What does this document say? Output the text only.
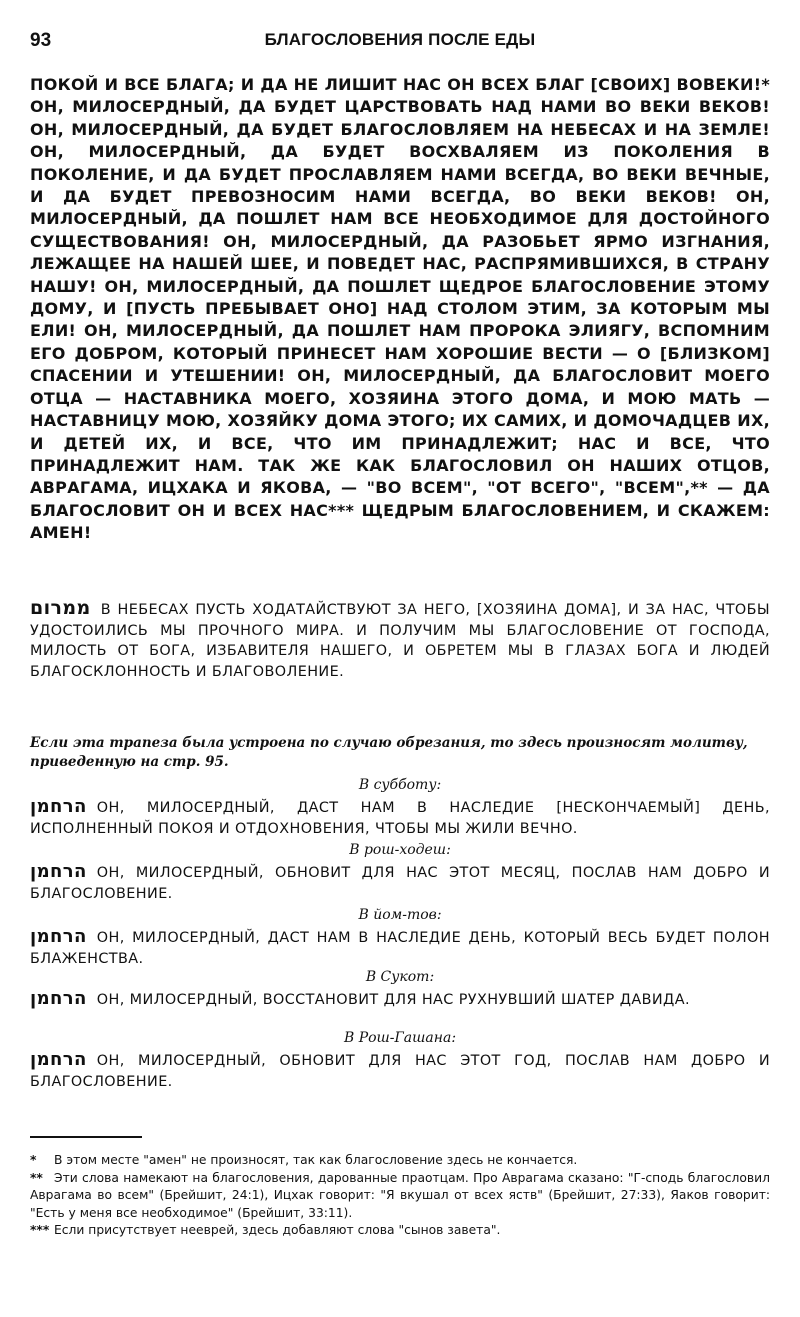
93	БЛАГОСЛОВЕНИЯ ПОСЛЕ ЕДЫ

ПОКОЙ И ВСЕ БЛАГА; И ДА НЕ ЛИШИТ НАС ОН ВСЕХ БЛАГ [СВОИХ] ВОВЕКИ!* ОН, МИЛОСЕРДНЫЙ, ДА БУДЕТ ЦАРСТВОВАТЬ НАД НАМИ ВО ВЕКИ ВЕКОВ! ОН, МИЛОСЕРДНЫЙ, ДА БУДЕТ БЛАГОСЛОВЛЯЕМ НА НЕБЕСАХ И НА ЗЕМЛЕ! ОН, МИЛОСЕРДНЫЙ, ДА БУДЕТ ВОСХВАЛЯЕМ ИЗ ПОКОЛЕНИЯ В ПОКОЛЕНИЕ, И ДА БУДЕТ ПРОСЛАВЛЯЕМ НАМИ ВСЕГДА, ВО ВЕКИ ВЕЧНЫЕ, И ДА БУДЕТ ПРЕВОЗНОСИМ НАМИ ВСЕГДА, ВО ВЕКИ ВЕКОВ! ОН, МИЛОСЕРДНЫЙ, ДА ПОШЛЕТ НАМ ВСЕ НЕОБХОДИМОЕ ДЛЯ ДОСТОЙНОГО СУЩЕСТВОВАНИЯ! ОН, МИЛОСЕРДНЫЙ, ДА РАЗОБЬЕТ ЯРМО ИЗГНАНИЯ, ЛЕЖАЩЕЕ НА НАШЕЙ ШЕЕ, И ПОВЕДЕТ НАС, РАСПРЯМИВШИХСЯ, В СТРАНУ НАШУ! ОН, МИЛОСЕРДНЫЙ, ДА ПОШЛЕТ ЩЕДРОЕ БЛАГОСЛОВЕНИЕ ЭТОМУ ДОМУ, И [ПУСТЬ ПРЕБЫВАЕТ ОНО] НАД СТОЛОМ ЭТИМ, ЗА КОТОРЫМ МЫ ЕЛИ! ОН, МИЛОСЕРДНЫЙ, ДА ПОШЛЕТ НАМ ПРОРОКА ЭЛИЯГУ, ВСПОМНИМ ЕГО ДОБРОМ, КОТОРЫЙ ПРИНЕСЕТ НАМ ХОРОШИЕ ВЕСТИ — О [БЛИЗКОМ] СПАСЕНИИ И УТЕШЕНИИ! ОН, МИЛОСЕРДНЫЙ, ДА БЛАГОСЛОВИТ МОЕГО ОТЦА — НАСТАВНИКА МОЕГО, ХОЗЯИНА ЭТОГО ДОМА, И МОЮ МАТЬ — НАСТАВНИЦУ МОЮ, ХОЗЯЙКУ ДОМА ЭТОГО; ИХ САМИХ, И ДОМОЧАДЦЕВ ИХ, И ДЕТЕЙ ИХ, И ВСЕ, ЧТО ИМ ПРИНАДЛЕЖИТ; НАС И ВСЕ, ЧТО ПРИНАДЛЕЖИТ НАМ. ТАК ЖЕ КАК БЛАГОСЛОВИЛ ОН НАШИХ ОТЦОВ, АВРАГАМА, ИЦХАКА И ЯКОВА, — "ВО ВСЕМ", "ОТ ВСЕГО", "ВСЕМ",** — ДА БЛАГОСЛОВИТ ОН И ВСЕХ НАС*** ЩЕДРЫМ БЛАГОСЛОВЕНИЕМ, И СКАЖЕМ: АМЕН!

ממרום В НЕБЕСАХ ПУСТЬ ХОДАТАЙСТВУЮТ ЗА НЕГО, [ХОЗЯИНА ДОМА], И ЗА НАС, ЧТОБЫ УДОСТОИЛИСЬ МЫ ПРОЧНОГО МИРА. И ПОЛУЧИМ МЫ БЛАГОСЛОВЕНИЕ ОТ ГОСПОДА, МИЛОСТЬ ОТ БОГА, ИЗБАВИТЕЛЯ НАШЕГО, И ОБРЕТЕМ МЫ В ГЛАЗАХ БОГА И ЛЮДЕЙ БЛАГОСКЛОННОСТЬ И БЛАГОВОЛЕНИЕ.

Если эта трапеза была устроена по случаю обрезания, то здесь произносят молитву, приведенную на стр. 95.

В субботу:

הרחמן ОН, МИЛОСЕРДНЫЙ, ДАСТ НАМ В НАСЛЕДИЕ [НЕСКОНЧАЕМЫЙ] ДЕНЬ, ИСПОЛНЕННЫЙ ПОКОЯ И ОТДОХНОВЕНИЯ, ЧТОБЫ МЫ ЖИЛИ ВЕЧНО.

В рош-ходеш:

הרחמן ОН, МИЛОСЕРДНЫЙ, ОБНОВИТ ДЛЯ НАС ЭТОТ МЕСЯЦ, ПОСЛАВ НАМ ДОБРО И БЛАГОСЛОВЕНИЕ.

В йом-тов:

הרחמן ОН, МИЛОСЕРДНЫЙ, ДАСТ НАМ В НАСЛЕДИЕ ДЕНЬ, КОТОРЫЙ ВЕСЬ БУДЕТ ПОЛОН БЛАЖЕНСТВА.

В Сукот:

הרחמן ОН, МИЛОСЕРДНЫЙ, ВОССТАНОВИТ ДЛЯ НАС РУХНУВШИЙ ШАТЕР ДАВИДА.

В Рош-Гашана:

הרחמן ОН, МИЛОСЕРДНЫЙ, ОБНОВИТ ДЛЯ НАС ЭТОТ ГОД, ПОСЛАВ НАМ ДОБРО И БЛАГОСЛОВЕНИЕ.

* В этом месте "амен" не произносят, так как благословение здесь не кончается.

** Эти слова намекают на благословения, дарованные праотцам. Про Аврагама сказано: "Г-сподь благословил Аврагама во всем" (Брейшит, 24:1), Ицхак говорит: "Я вкушал от всех яств" (Брейшит, 27:33), Яаков говорит: "Есть у меня все необходимое" (Брейшит, 33:11).

*** Если присутствует нееврей, здесь добавляют слова "сынов завета".
